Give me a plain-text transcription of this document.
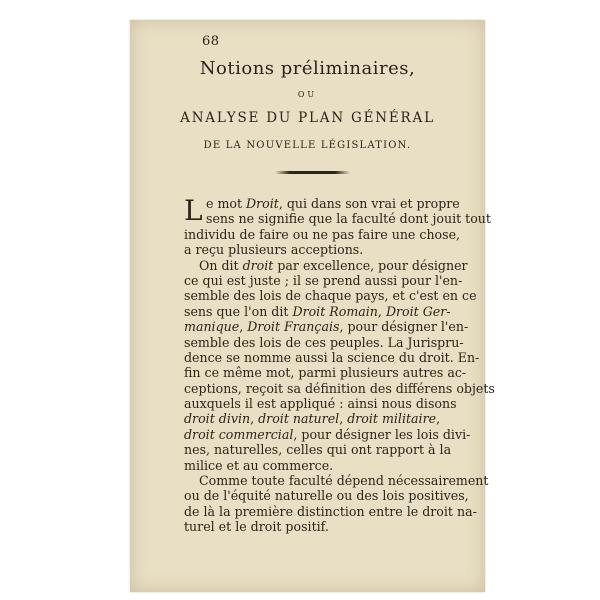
68
Notions préliminaires,
OU
ANALYSE DU PLAN GÉNÉRAL
DE LA NOUVELLE LÉGISLATION.
L e mot Droit, qui dans son vrai et propre
sens ne signifie que la faculté dont jouit tout
individu de faire ou ne pas faire une chose,
a reçu plusieurs acceptions.
On dit droit par excellence, pour désigner
ce qui est juste ; il se prend aussi pour l'en-
semble des lois de chaque pays, et c'est en ce
sens que l'on dit Droit Romain, Droit Ger-
manique, Droit Français, pour désigner l'en-
semble des lois de ces peuples. La Jurispru-
dence se nomme aussi la science du droit. En-
fin ce même mot, parmi plusieurs autres ac-
ceptions, reçoit sa définition des différens objets
auxquels il est appliqué : ainsi nous disons
droit divin, droit naturel, droit militaire,
droit commercial, pour désigner les lois divi-
nes, naturelles, celles qui ont rapport à la
milice et au commerce.
Comme toute faculté dépend nécessairement
ou de l'équité naturelle ou des lois positives,
de là la première distinction entre le droit na-
turel et le droit positif.
